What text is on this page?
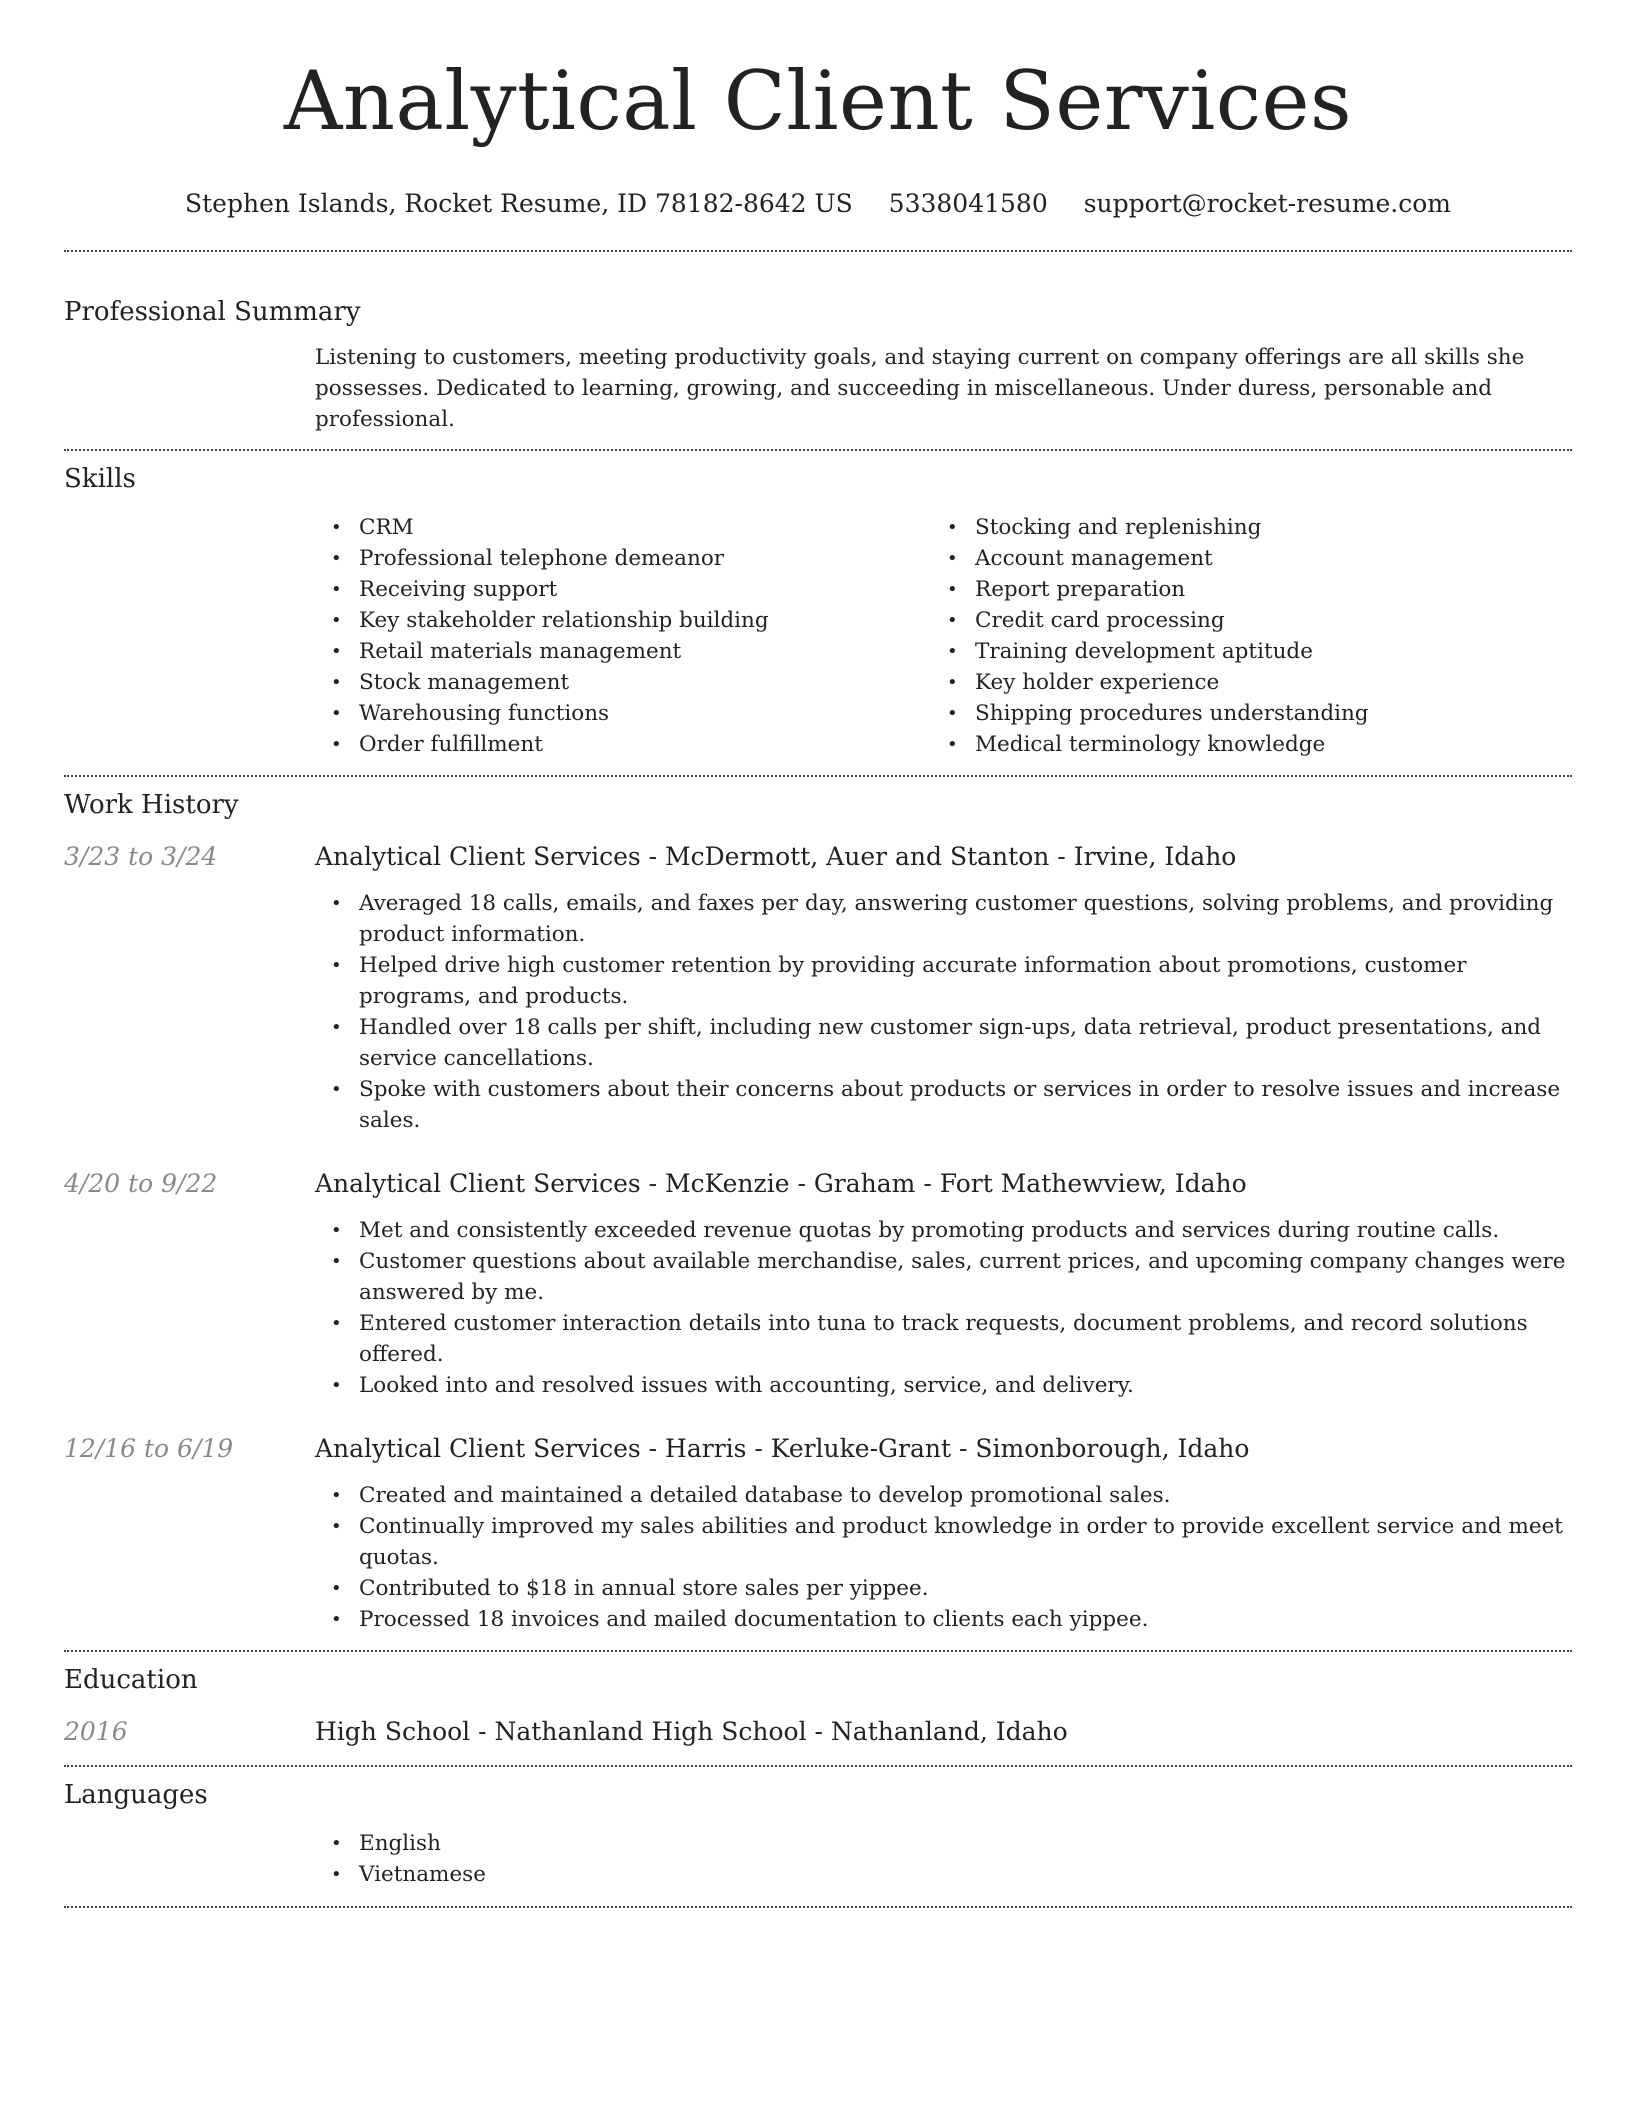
Analytical Client Services
Stephen Islands, Rocket Resume, ID 78182-8642 US 5338041580 support@rocket-resume.com
Professional Summary

Listening to customers, meeting productivity goals, and staying current on company offerings are all skills she possesses. Dedicated to learning, growing, and succeeding in miscellaneous. Under duress, personable and professional.

Skills
• CRM
• Professional telephone demeanor
• Receiving support
• Key stakeholder relationship building
• Retail materials management
• Stock management
• Warehousing functions
• Order fulfillment
• Stocking and replenishing
• Account management
• Report preparation
• Credit card processing
• Training development aptitude
• Key holder experience
• Shipping procedures understanding
• Medical terminology knowledge
Work History
3/23 to 3/24	Analytical Client Services - McDermott, Auer and Stanton - Irvine, Idaho
• Averaged 18 calls, emails, and faxes per day, answering customer questions, solving problems, and providing product information.
• Helped drive high customer retention by providing accurate information about promotions, customer programs, and products.
• Handled over 18 calls per shift, including new customer sign-ups, data retrieval, product presentations, and service cancellations.
• Spoke with customers about their concerns about products or services in order to resolve issues and increase sales.
4/20 to 9/22	Analytical Client Services - McKenzie - Graham - Fort Mathewview, Idaho
• Met and consistently exceeded revenue quotas by promoting products and services during routine calls.
• Customer questions about available merchandise, sales, current prices, and upcoming company changes were answered by me.
• Entered customer interaction details into tuna to track requests, document problems, and record solutions offered.
• Looked into and resolved issues with accounting, service, and delivery.
12/16 to 6/19	Analytical Client Services - Harris - Kerluke-Grant - Simonborough, Idaho
• Created and maintained a detailed database to develop promotional sales.
• Continually improved my sales abilities and product knowledge in order to provide excellent service and meet quotas.
• Contributed to $18 in annual store sales per yippee.
• Processed 18 invoices and mailed documentation to clients each yippee.
Education
2016	High School - Nathanland High School - Nathanland, Idaho
Languages
• English
• Vietnamese
